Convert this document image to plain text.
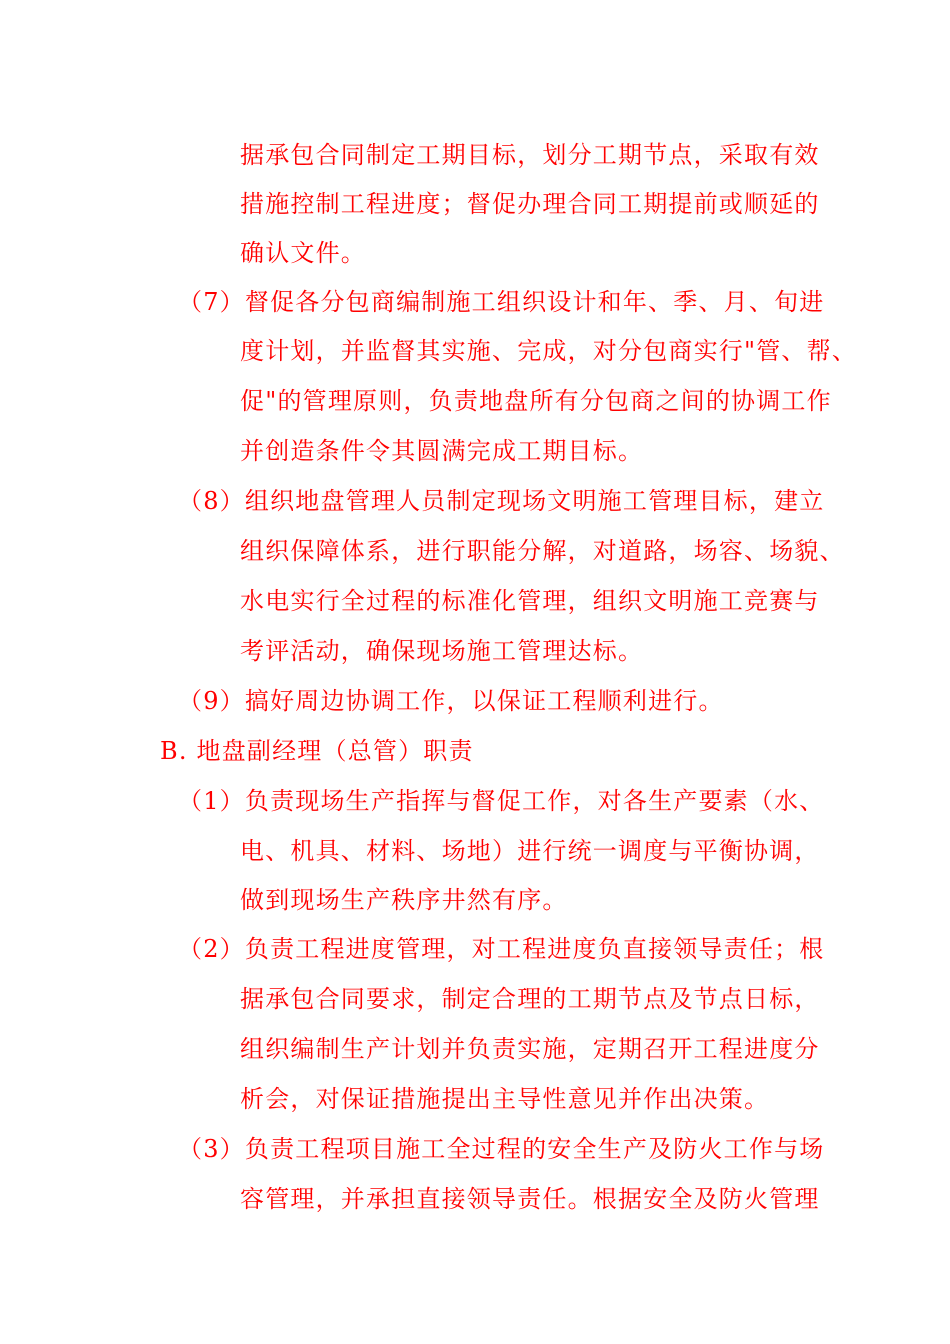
据承包合同制定工期目标，划分工期节点，采取有效
措施控制工程进度；督促办理合同工期提前或顺延的
确认文件。
（7）督促各分包商编制施工组织设计和年、季、月、旬进
度计划，并监督其实施、完成，对分包商实行"管、帮、
促"的管理原则，负责地盘所有分包商之间的协调工作
并创造条件令其圆满完成工期目标。
（8）组织地盘管理人员制定现场文明施工管理目标，建立
组织保障体系，进行职能分解，对道路，场容、场貌、
水电实行全过程的标准化管理，组织文明施工竞赛与
考评活动，确保现场施工管理达标。
（9）搞好周边协调工作，以保证工程顺利进行。
B. 地盘副经理（总管）职责
（1）负责现场生产指挥与督促工作，对各生产要素（水、
电、机具、材料、场地）进行统一调度与平衡协调，
做到现场生产秩序井然有序。
（2）负责工程进度管理，对工程进度负直接领导责任；根
据承包合同要求，制定合理的工期节点及节点日标，
组织编制生产计划并负责实施，定期召开工程进度分
析会，对保证措施提出主导性意见并作出决策。
（3）负责工程项目施工全过程的安全生产及防火工作与场
容管理，并承担直接领导责任。根据安全及防火管理
